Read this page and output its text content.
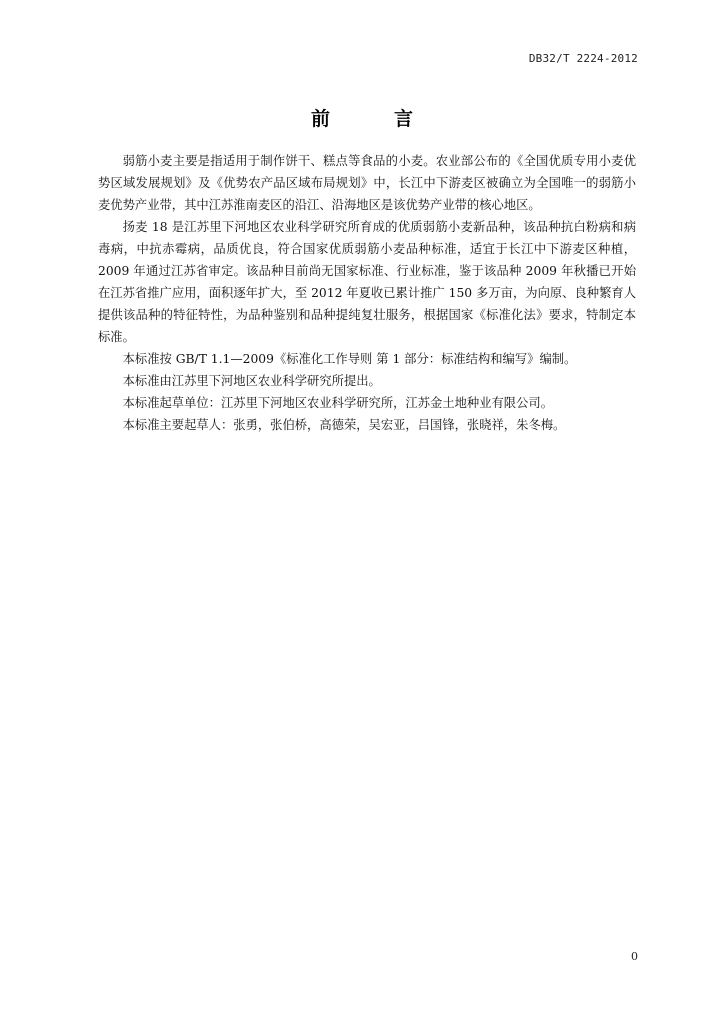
DB32/T 2224-2012
前言

弱筋小麦主要是指适用于制作饼干、糕点等食品的小麦。农业部公布的《全国优质专用小麦优势区域发展规划》及《优势农产品区域布局规划》中，长江中下游麦区被确立为全国唯一的弱筋小麦优势产业带，其中江苏淮南麦区的沿江、沿海地区是该优势产业带的核心地区。

扬麦 18 是江苏里下河地区农业科学研究所育成的优质弱筋小麦新品种，该品种抗白粉病和病毒病，中抗赤霉病，品质优良，符合国家优质弱筋小麦品种标准，适宜于长江中下游麦区种植，2009 年通过江苏省审定。该品种目前尚无国家标准、行业标准，鉴于该品种 2009 年秋播已开始在江苏省推广应用，面积逐年扩大，至 2012 年夏收已累计推广 150 多万亩，为向原、良种繁育人提供该品种的特征特性，为品种鉴别和品种提纯复壮服务，根据国家《标准化法》要求，特制定本标准。

本标准按 GB/T 1.1—2009《标准化工作导则 第 1 部分：标准结构和编写》编制。

本标准由江苏里下河地区农业科学研究所提出。

本标准起草单位：江苏里下河地区农业科学研究所，江苏金土地种业有限公司。

本标准主要起草人：张勇，张伯桥，高德荣，吴宏亚，吕国锋，张晓祥，朱冬梅。

0
